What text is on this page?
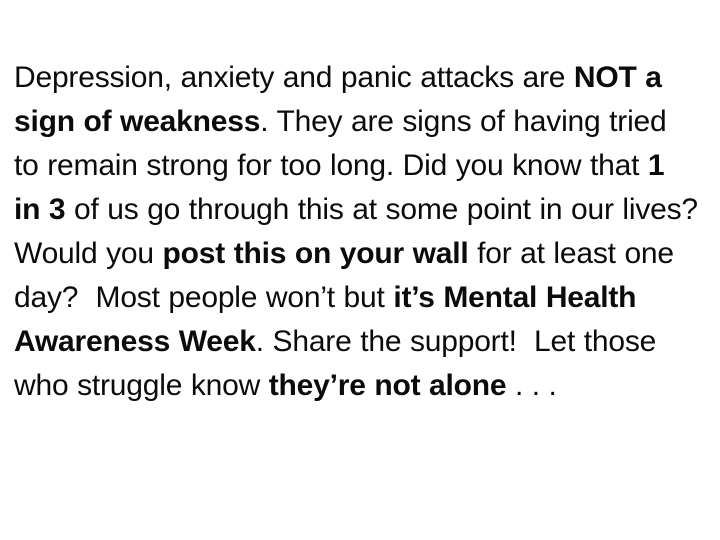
Depression, anxiety and panic attacks are NOT a sign of weakness. They are signs of having tried to remain strong for too long. Did you know that 1 in 3 of us go through this at some point in our lives? Would you post this on your wall for at least one day?  Most people won’t but it’s Mental Health Awareness Week. Share the support!  Let those who struggle know they’re not alone . . .
